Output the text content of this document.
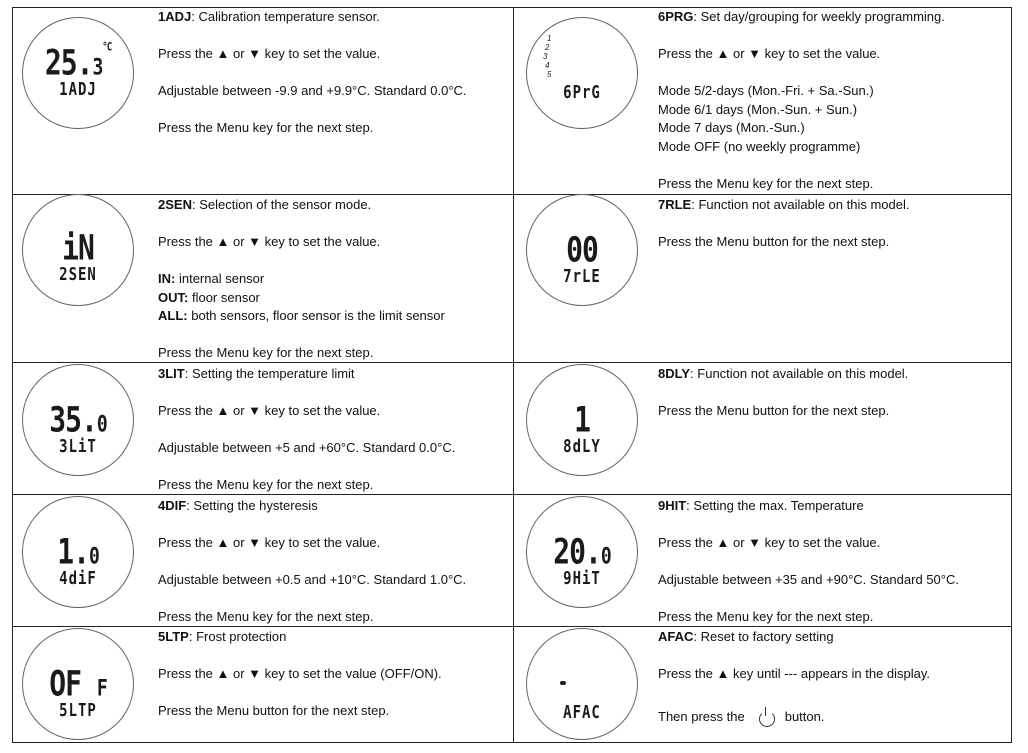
$25.3^{^\circ C}$
1ADJ

1ADJ: Calibration temperature sensor.

Press the ▲ or ▼ key to set the value.

Adjustable between -9.9 and +9.9°C. Standard 0.0°C.

Press the Menu key for the next step.

1
2
3
4
5
6PrG

6PRG: Set day/grouping for weekly programming.

Press the ▲ or ▼ key to set the value.

Mode 5/2-days (Mon.-Fri. + Sa.-Sun.)

Mode 6/1 days (Mon.-Sun. + Sun.)

Mode 7 days (Mon.-Sun.)

Mode OFF (no weekly programme)

Press the Menu key for the next step.

iN
2SEN

2SEN: Selection of the sensor mode.

Press the ▲ or ▼ key to set the value.

IN: internal sensor

OUT: floor sensor

ALL: both sensors, floor sensor is the limit sensor

Press the Menu key for the next step.

00
7rLE

7RLE: Function not available on this model.

Press the Menu button for the next step.

35.0
3LiT

3LIT: Setting the temperature limit

Press the ▲ or ▼ key to set the value.

Adjustable between +5 and +60°C. Standard 0.0°C.

Press the Menu key for the next step.

1
8dLY

8DLY: Function not available on this model.

Press the Menu button for the next step.

1.0
4diF

4DIF: Setting the hysteresis

Press the ▲ or ▼ key to set the value.

Adjustable between +0.5 and +10°C. Standard 1.0°C.

Press the Menu key for the next step.

20.0
9HiT

9HIT: Setting the max. Temperature

Press the ▲ or ▼ key to set the value.

Adjustable between +35 and +90°C. Standard 50°C.

Press the Menu key for the next step.

OF F
5LTP

5LTP: Frost protection

Press the ▲ or ▼ key to set the value (OFF/ON).

Press the Menu button for the next step.	AFAC

AFAC: Reset to factory setting

Press the ▲ key until --- appears in the display.

Then press the	button.
